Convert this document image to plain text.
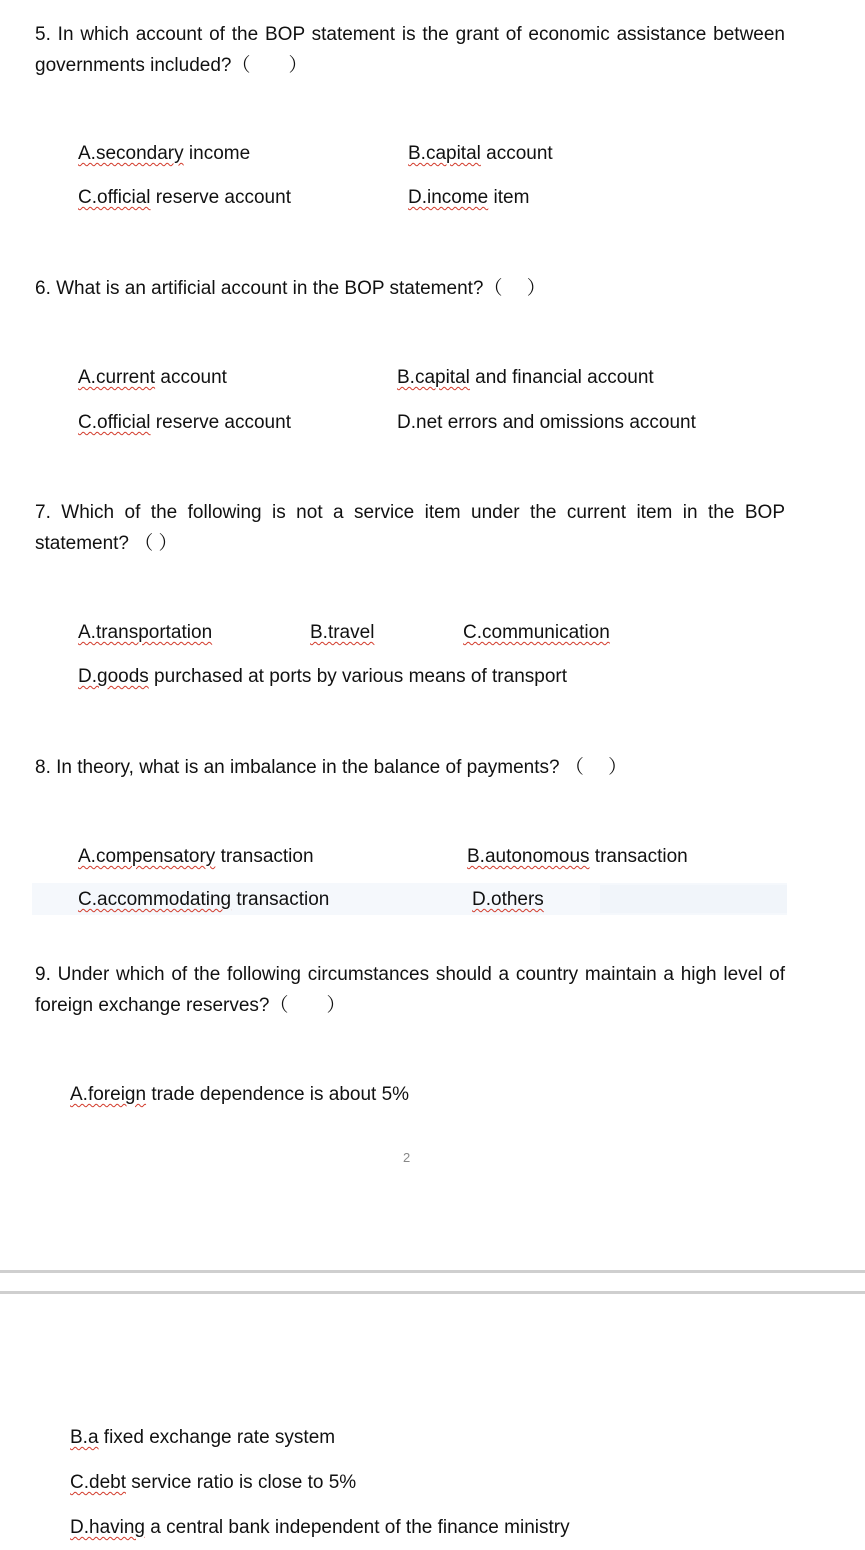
5. In which account of the BOP statement is the grant of economic assistance between governments included?（　　）

A.secondary income	B.capital account
C.official reserve account	D.income item

6. What is an artificial account in the BOP statement?（　 ）

A.current account	B.capital and financial account
C.official reserve account	D.net errors and omissions account

7. Which of the following is not a service item under the current item in the BOP statement? （ ）

A.transportation	B.travel	C.communication
D.goods purchased at ports by various means of transport

8. In theory, what is an imbalance in the balance of payments? （　 ）

A.compensatory transaction	B.autonomous transaction
C.accommodating transaction	D.others

9. Under which of the following circumstances should a country maintain a high level of foreign exchange reserves?（　　）

A.foreign trade dependence is about 5%
2
B.a fixed exchange rate system
C.debt service ratio is close to 5%
D.having a central bank independent of the finance ministry
